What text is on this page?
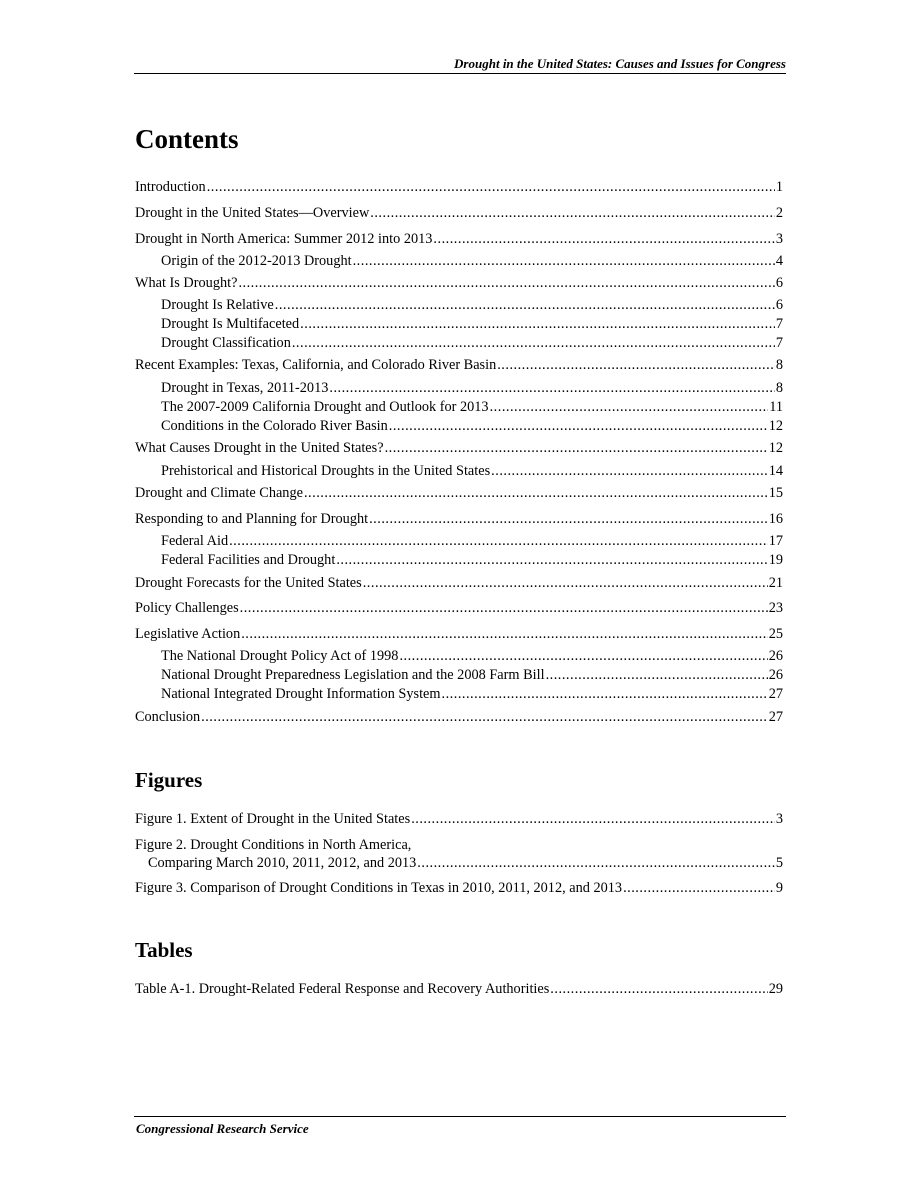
Drought in the United States: Causes and Issues for Congress
Contents
Introduction .....	1
Drought in the United States—Overview .....	2
Drought in North America: Summer 2012 into 2013 .....	3
Origin of the 2012-2013 Drought .....	4
What Is Drought? .....	6
Drought Is Relative .....	6
Drought Is Multifaceted .....	7
Drought Classification .....	7
Recent Examples: Texas, California, and Colorado River Basin .....	8
Drought in Texas, 2011-2013 .....	8
The 2007-2009 California Drought and Outlook for 2013 .....	11
Conditions in the Colorado River Basin .....	12
What Causes Drought in the United States? .....	12
Prehistorical and Historical Droughts in the United States .....	14
Drought and Climate Change .....	15
Responding to and Planning for Drought .....	16
Federal Aid .....	17
Federal Facilities and Drought .....	19
Drought Forecasts for the United States .....	21
Policy Challenges .....	23
Legislative Action .....	25
The National Drought Policy Act of 1998 .....	26
National Drought Preparedness Legislation and the 2008 Farm Bill .....	26
National Integrated Drought Information System .....	27
Conclusion .....	27
Figures
Figure 1. Extent of Drought in the United States .....	3
Figure 2. Drought Conditions in North America,
Comparing March 2010, 2011, 2012, and 2013 .....	5
Figure 3. Comparison of Drought Conditions in Texas in 2010, 2011, 2012, and 2013 .....	9
Tables
Table A-1. Drought-Related Federal Response and Recovery Authorities .....	29
Congressional Research Service
